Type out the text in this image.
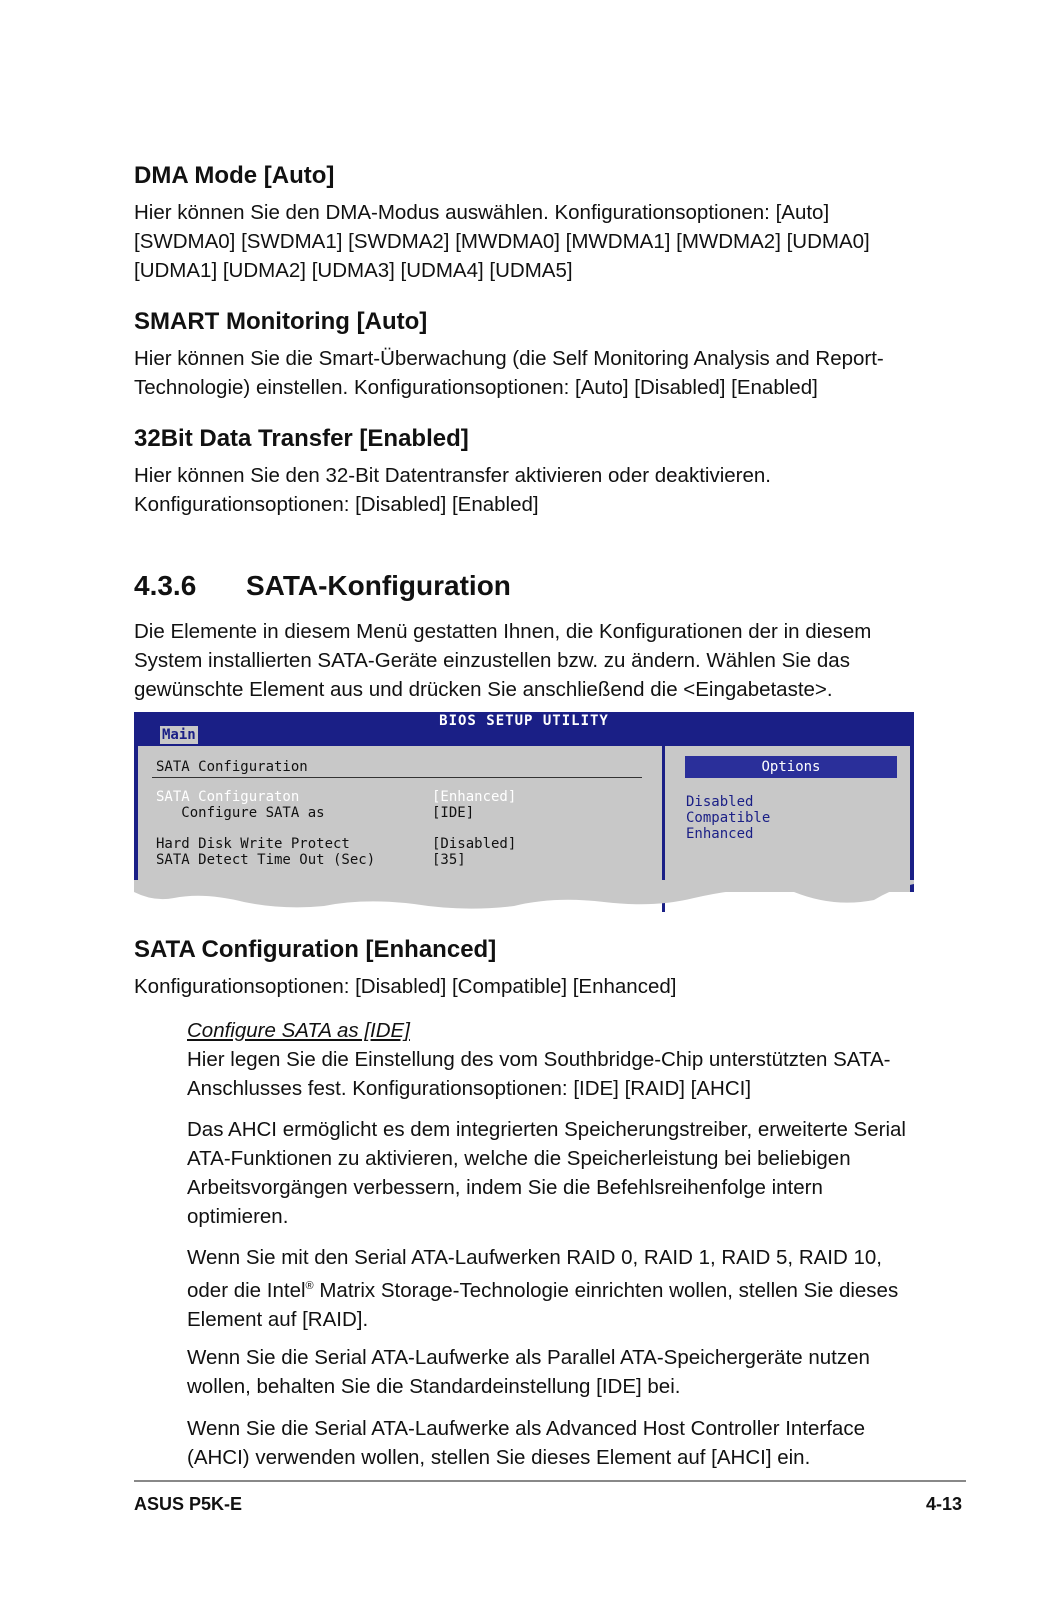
DMA Mode [Auto]

Hier können Sie den DMA-Modus auswählen. Konfigurationsoptionen: [Auto] [SWDMA0] [SWDMA1] [SWDMA2] [MWDMA0] [MWDMA1] [MWDMA2] [UDMA0] [UDMA1] [UDMA2] [UDMA3] [UDMA4] [UDMA5]

SMART Monitoring [Auto]

Hier können Sie die Smart-Überwachung (die Self Monitoring Analysis and Report-Technologie) einstellen. Konfigurationsoptionen: [Auto] [Disabled] [Enabled]

32Bit Data Transfer [Enabled]

Hier können Sie den 32-Bit Datentransfer aktivieren oder deaktivieren. Konfigurationsoptionen: [Disabled] [Enabled]

4.3.6 SATA-Konfiguration

Die Elemente in diesem Menü gestatten Ihnen, die Konfigurationen der in diesem System installierten SATA-Geräte einzustellen bzw. zu ändern. Wählen Sie das gewünschte Element aus und drücken Sie anschließend die <Eingabetaste>.

BIOS SETUP UTILITY
Main
SATA Configuration
SATA Configuraton	[Enhanced]
Configure SATA as	[IDE]
Hard Disk Write Protect	[Disabled]
SATA Detect Time Out (Sec)	[35]
Options
Disabled
Compatible
Enhanced
SATA Configuration [Enhanced]

Konfigurationsoptionen: [Disabled] [Compatible] [Enhanced]

Configure SATA as [IDE]

Hier legen Sie die Einstellung des vom Southbridge-Chip unterstützten SATA-Anschlusses fest. Konfigurationsoptionen: [IDE] [RAID] [AHCI]

Das AHCI ermöglicht es dem integrierten Speicherungstreiber, erweiterte Serial ATA-Funktionen zu aktivieren, welche die Speicherleistung bei beliebigen Arbeitsvorgängen verbessern, indem Sie die Befehlsreihenfolge intern optimieren.

Wenn Sie mit den Serial ATA-Laufwerken RAID 0, RAID 1, RAID 5, RAID 10, oder die Intel® Matrix Storage-Technologie einrichten wollen, stellen Sie dieses Element auf [RAID].

Wenn Sie die Serial ATA-Laufwerke als Parallel ATA-Speichergeräte nutzen wollen, behalten Sie die Standardeinstellung [IDE] bei.

Wenn Sie die Serial ATA-Laufwerke als Advanced Host Controller Interface (AHCI) verwenden wollen, stellen Sie dieses Element auf [AHCI] ein.

ASUS P5K-E	4-13
